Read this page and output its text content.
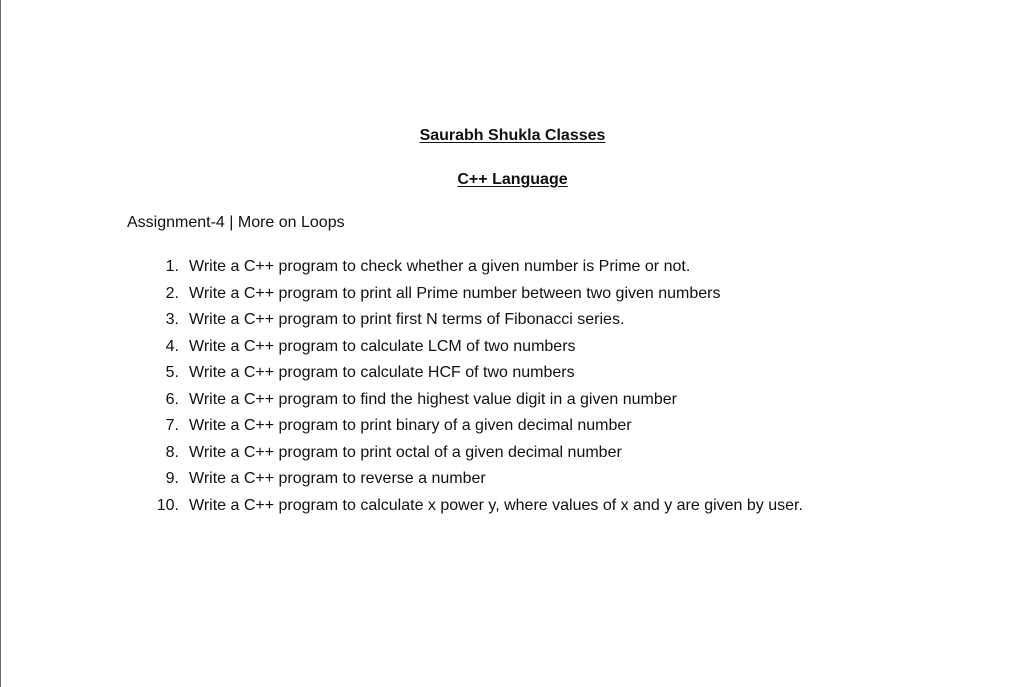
Saurabh Shukla Classes
C++ Language
Assignment-4 | More on Loops
1. Write a C++ program to check whether a given number is Prime or not.
2. Write a C++ program to print all Prime number between two given numbers
3. Write a C++ program to print first N terms of Fibonacci series.
4. Write a C++ program to calculate LCM of two numbers
5. Write a C++ program to calculate HCF of two numbers
6. Write a C++ program to find the highest value digit in a given number
7. Write a C++ program to print binary of a given decimal number
8. Write a C++ program to print octal of a given decimal number
9. Write a C++ program to reverse a number
10. Write a C++ program to calculate x power y, where values of x and y are given by user.
